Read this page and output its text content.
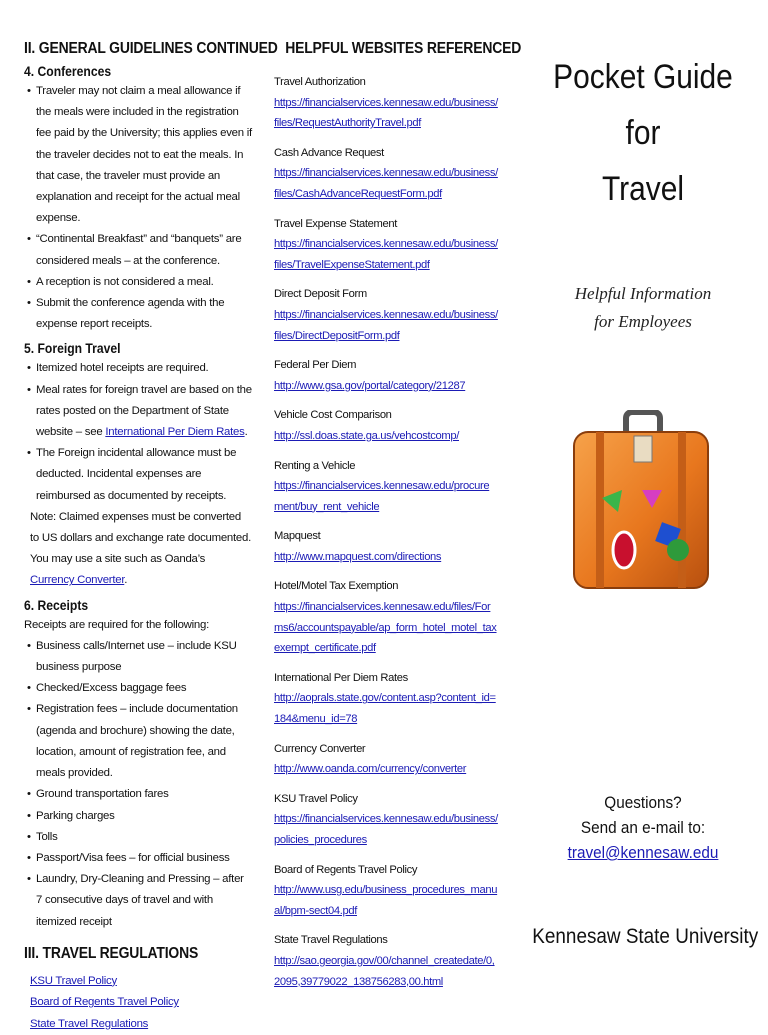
II. GENERAL GUIDELINES CONTINUED
4. Conferences
• Traveler may not claim a meal allowance if the meals were included in the registration fee paid by the University; this applies even if the traveler decides not to eat the meals. In that case, the traveler must provide an explanation and receipt for the actual meal expense.
• “Continental Breakfast” and “banquets” are considered meals – at the conference.
• A reception is not considered a meal.
• Submit the conference agenda with the expense report receipts.
5. Foreign Travel
• Itemized hotel receipts are required.
• Meal rates for foreign travel are based on the rates posted on the Department of State website – see International Per Diem Rates.
• The Foreign incidental allowance must be deducted. Incidental expenses are reimbursed as documented by receipts.
Note: Claimed expenses must be converted to US dollars and exchange rate documented. You may use a site such as Oanda’s Currency Converter.
6. Receipts
Receipts are required for the following:
• Business calls/Internet use – include KSU business purpose
• Checked/Excess baggage fees
• Registration fees – include documentation (agenda and brochure) showing the date, location, amount of registration fee, and meals provided.
• Ground transportation fares
• Parking charges
• Tolls
• Passport/Visa fees – for official business
• Laundry, Dry-Cleaning and Pressing – after 7 consecutive days of travel and with itemized receipt
III. TRAVEL REGULATIONS
KSU Travel Policy
Board of Regents Travel Policy
State Travel Regulations
HELPFUL WEBSITES REFERENCED
Travel Authorization
https://financialservices.kennesaw.edu/business/files/RequestAuthorityTravel.pdf
Cash Advance Request
https://financialservices.kennesaw.edu/business/files/CashAdvanceRequestForm.pdf
Travel Expense Statement
https://financialservices.kennesaw.edu/business/files/TravelExpenseStatement.pdf
Direct Deposit Form
https://financialservices.kennesaw.edu/business/files/DirectDepositForm.pdf
Federal Per Diem
http://www.gsa.gov/portal/category/21287
Vehicle Cost Comparison
http://ssl.doas.state.ga.us/vehcostcomp/
Renting a Vehicle
https://financialservices.kennesaw.edu/procurement/buy_rent_vehicle
Mapquest
http://www.mapquest.com/directions
Hotel/Motel Tax Exemption
https://financialservices.kennesaw.edu/files/Forms6/accountspayable/ap_form_hotel_motel_taxexempt_certificate.pdf
International Per Diem Rates
http://aoprals.state.gov/content.asp?content_id=184&menu_id=78
Currency Converter
http://www.oanda.com/currency/converter
KSU Travel Policy
https://financialservices.kennesaw.edu/business/policies_procedures
Board of Regents Travel Policy
http://www.usg.edu/business_procedures_manual/bpm-sect04.pdf
State Travel Regulations
http://sao.georgia.gov/00/channel_createdate/0,2095,39779022_138756283,00.html
Pocket Guide
for
Travel
Helpful Information
for Employees
Questions?
Send an e-mail to:
travel@kennesaw.edu
Kennesaw State University
